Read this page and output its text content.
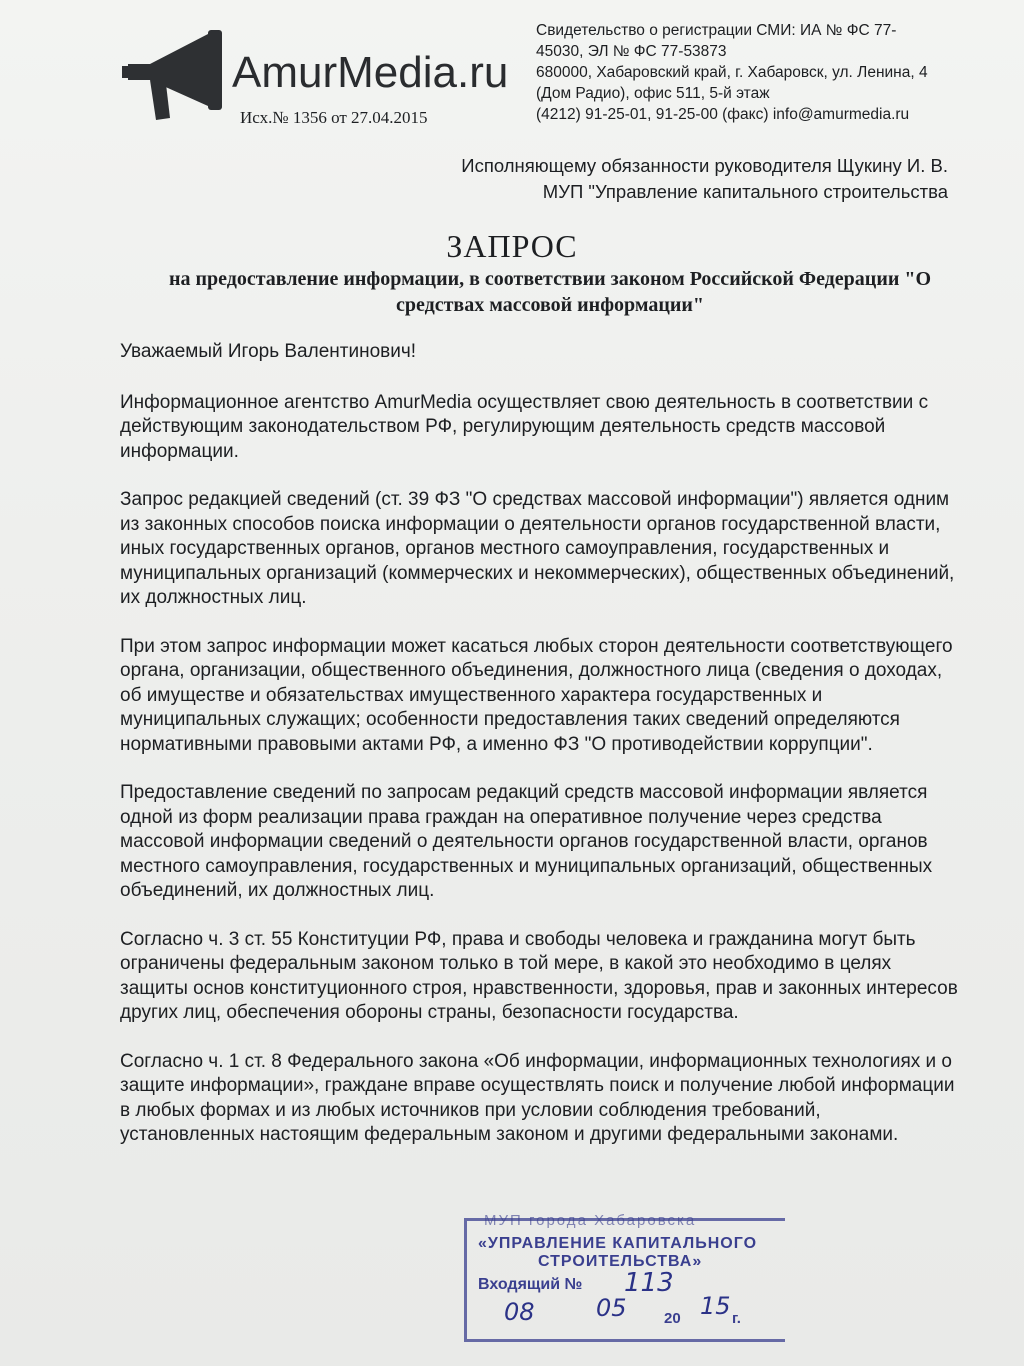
AmurMedia.ru
Исх.№ 1356 от 27.04.2015
Свидетельство о регистрации СМИ: ИА № ФС 77-
45030, ЭЛ № ФС 77-53873
680000, Хабаровский край, г. Хабаровск, ул. Ленина, 4
(Дом Радио), офис 511, 5-й этаж
(4212) 91-25-01, 91-25-00 (факс) info@amurmedia.ru
Исполняющему обязанности руководителя Щукину И. В.
МУП "Управление капитального строительства
ЗАПРОС
на предоставление информации, в соответствии законом Российской Федерации "О средствах массовой информации"

Уважаемый Игорь Валентинович!

Информационное агентство AmurMedia осуществляет свою деятельность в соответствии с действующим законодательством РФ, регулирующим деятельность средств массовой информации.

Запрос редакцией сведений (ст. 39 ФЗ "О средствах массовой информации") является одним из законных способов поиска информации о деятельности органов государственной власти, иных государственных органов, органов местного самоуправления, государственных и муниципальных организаций (коммерческих и некоммерческих), общественных объединений, их должностных лиц.

При этом запрос информации может касаться любых сторон деятельности соответствующего органа, организации, общественного объединения, должностного лица (сведения о доходах, об имуществе и обязательствах имущественного характера государственных и муниципальных служащих; особенности предоставления таких сведений определяются нормативными правовыми актами РФ, а именно ФЗ "О противодействии коррупции".

Предоставление сведений по запросам редакций средств массовой информации является одной из форм реализации права граждан на оперативное получение через средства массовой информации сведений о деятельности органов государственной власти, органов местного самоуправления, государственных и муниципальных организаций, общественных объединений, их должностных лиц.

Согласно ч. 3 ст. 55 Конституции РФ, права и свободы человека и гражданина могут быть ограничены федеральным законом только в той мере, в какой это необходимо в целях защиты основ конституционного строя, нравственности, здоровья, прав и законных интересов других лиц, обеспечения обороны страны, безопасности государства.

Согласно ч. 1 ст. 8 Федерального закона «Об информации, информационных технологиях и о защите информации», граждане вправе осуществлять поиск и получение любой информации в любых формах и из любых источников при условии соблюдения требований, установленных настоящим федеральным законом и другими федеральными законами.

МУП города Хабаровска
«УПРАВЛЕНИЕ КАПИТАЛЬНОГО
СТРОИТЕЛЬСТВА»
Входящий № 113
08	05 20 15 г.
